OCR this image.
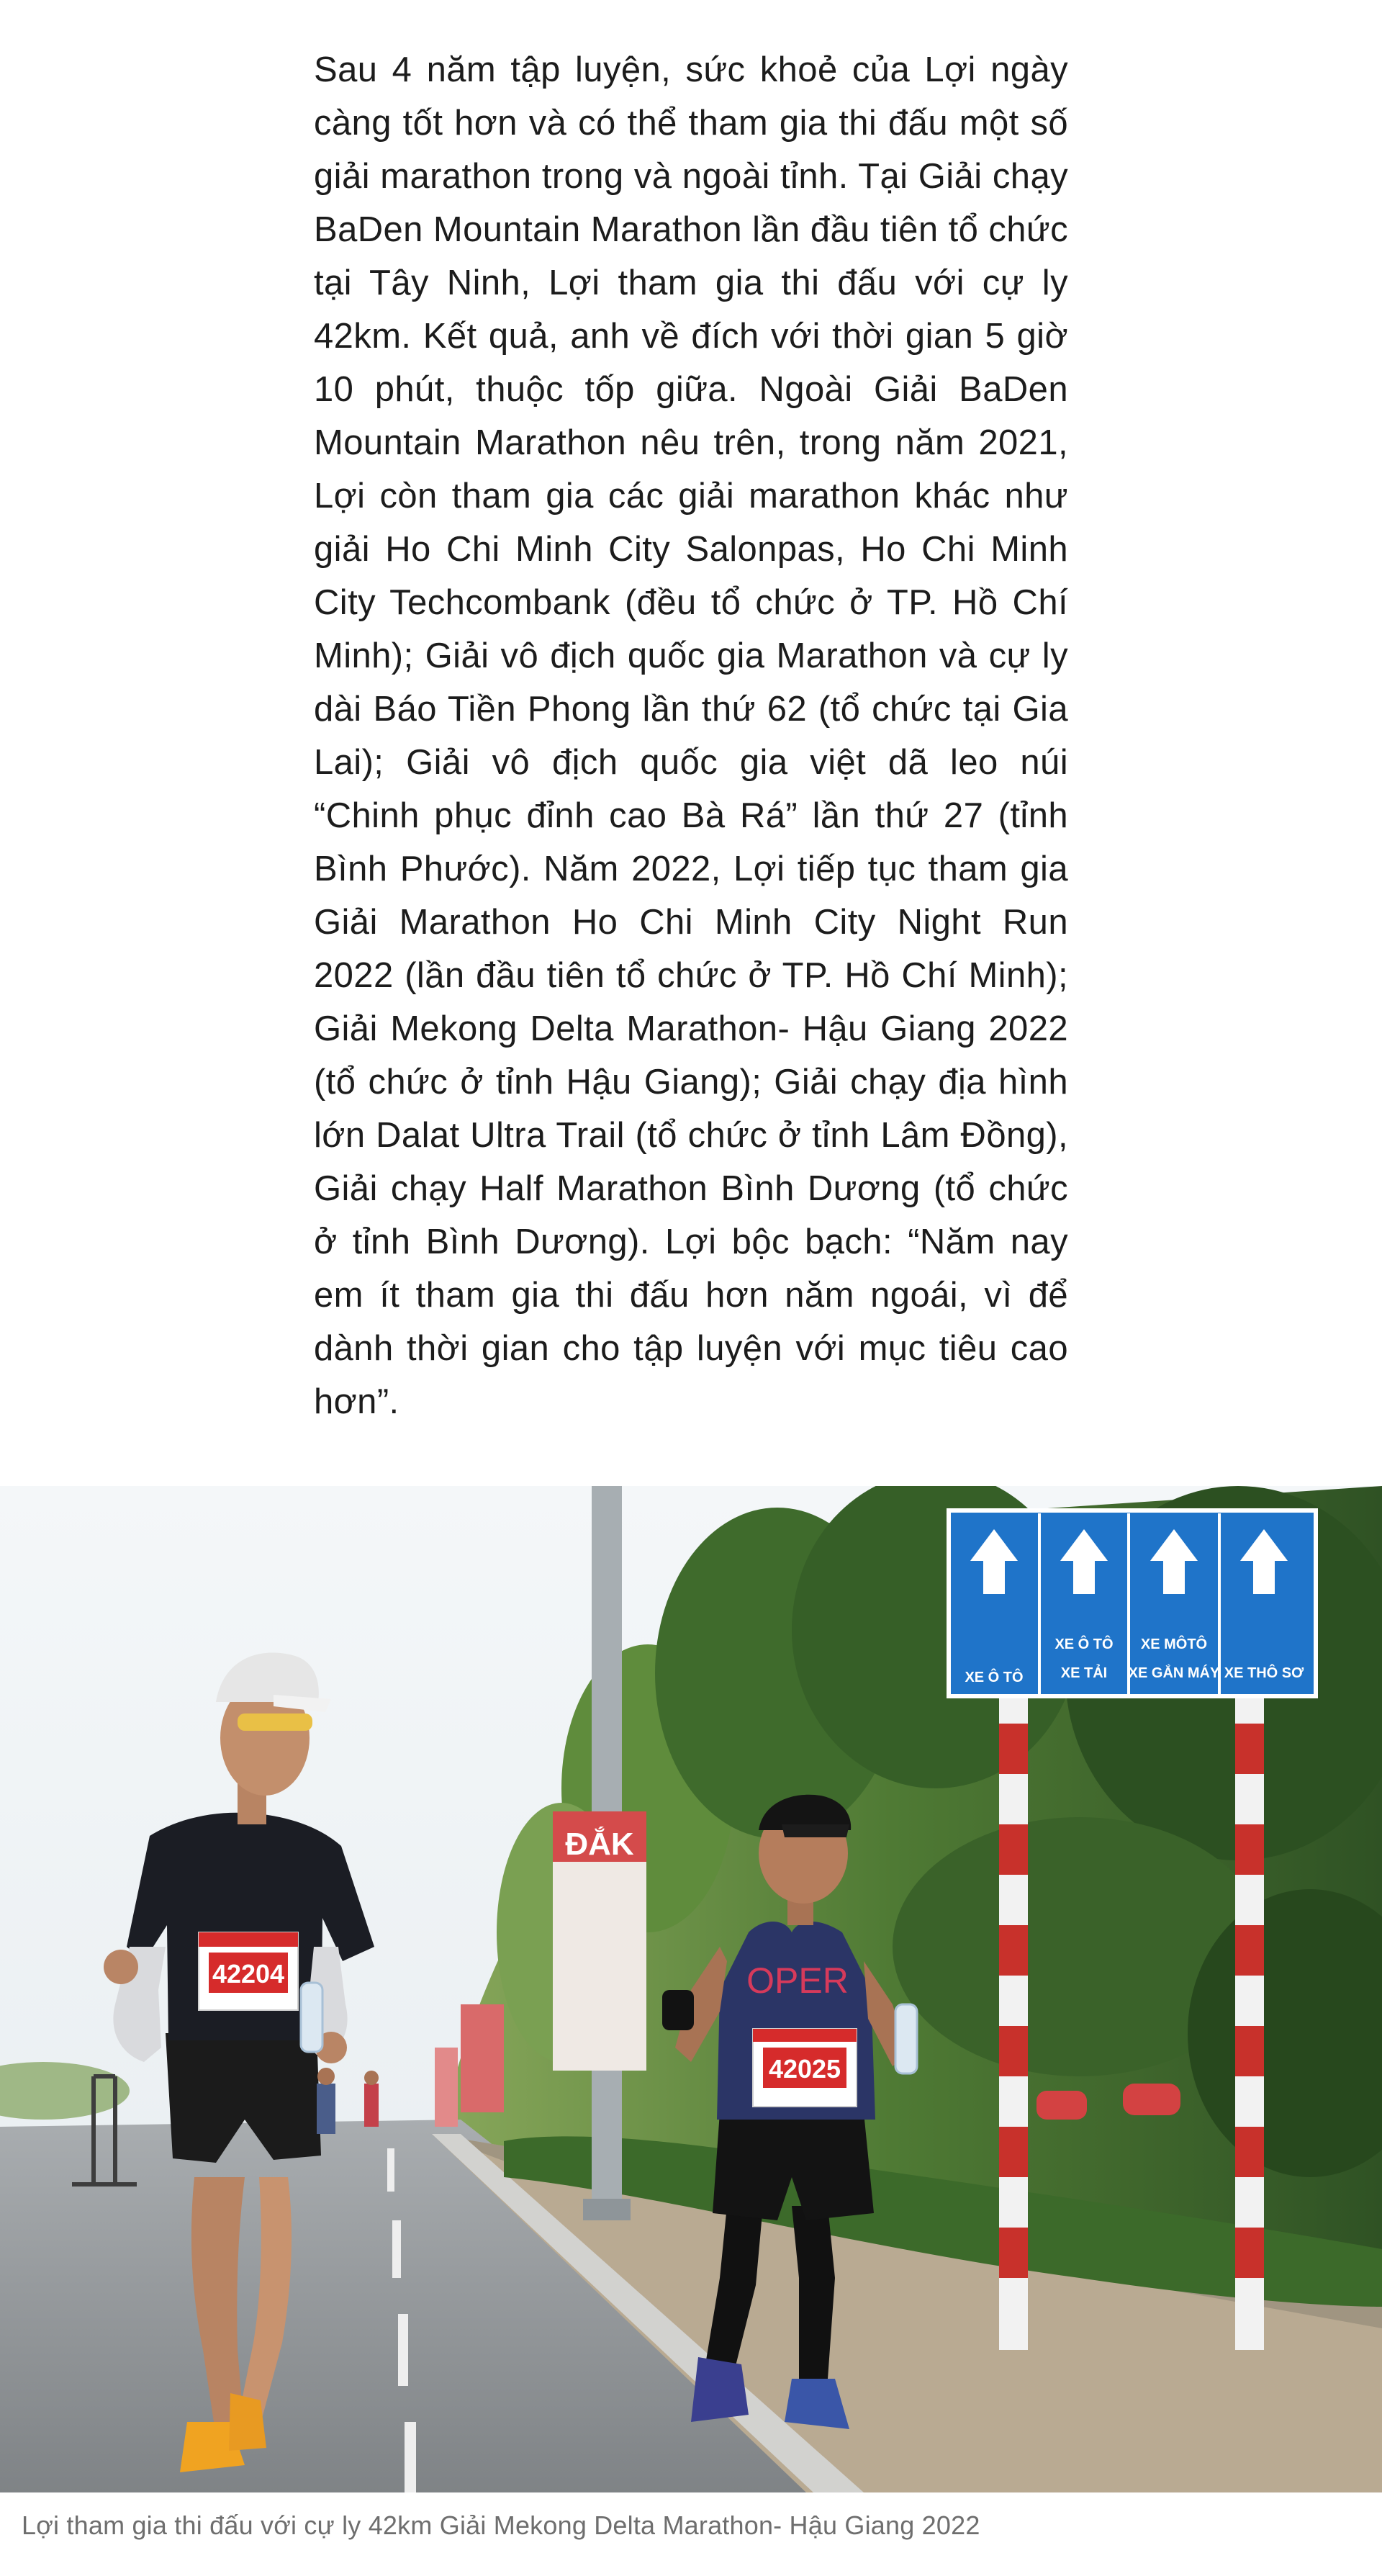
Sau 4 năm tập luyện, sức khoẻ của Lợi ngày càng tốt hơn và có thể tham gia thi đấu một số giải marathon trong và ngoài tỉnh. Tại Giải chạy BaDen Mountain Marathon lần đầu tiên tổ chức tại Tây Ninh, Lợi tham gia thi đấu với cự ly 42km. Kết quả, anh về đích với thời gian 5 giờ 10 phút, thuộc tốp giữa. Ngoài Giải BaDen Mountain Marathon nêu trên, trong năm 2021, Lợi còn tham gia các giải marathon khác như giải Ho Chi Minh City Salonpas, Ho Chi Minh City Techcombank (đều tổ chức ở TP. Hồ Chí Minh); Giải vô địch quốc gia Marathon và cự ly dài Báo Tiền Phong lần thứ 62 (tổ chức tại Gia Lai); Giải vô địch quốc gia việt dã leo núi “Chinh phục đỉnh cao Bà Rá” lần thứ 27 (tỉnh Bình Phước). Năm 2022, Lợi tiếp tục tham gia Giải Marathon Ho Chi Minh City Night Run 2022 (lần đầu tiên tổ chức ở TP. Hồ Chí Minh); Giải Mekong Delta Marathon- Hậu Giang 2022 (tổ chức ở tỉnh Hậu Giang); Giải chạy địa hình lớn Dalat Ultra Trail (tổ chức ở tỉnh Lâm Đồng), Giải chạy Half Marathon Bình Dương (tổ chức ở tỉnh Bình Dương). Lợi bộc bạch: “Năm nay em ít tham gia thi đấu hơn năm ngoái, vì để dành thời gian cho tập luyện với mục tiêu cao hơn”.

ĐẮK
XE Ô TÔ
XE Ô TÔ
XE TẢI
XE MÔTÔ
XE GẮN MÁY XE THÔ SƠ
42204	OPER
42025

Lợi tham gia thi đấu với cự ly 42km Giải Mekong Delta Marathon- Hậu Giang 2022
